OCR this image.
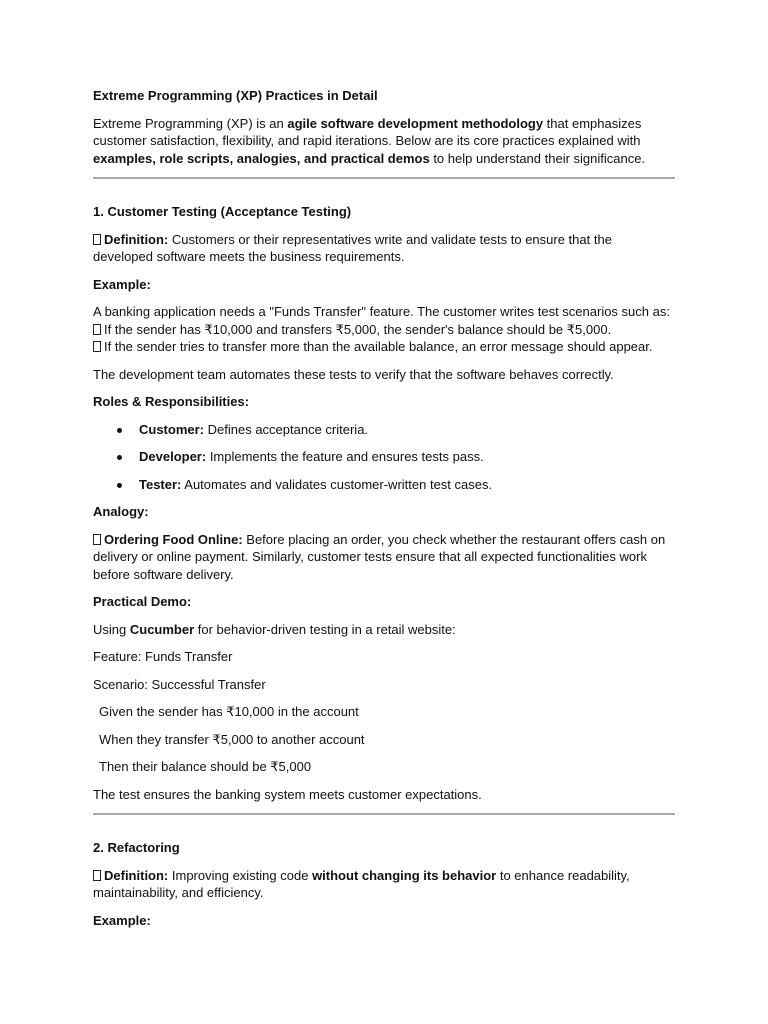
Extreme Programming (XP) Practices in Detail

Extreme Programming (XP) is an agile software development methodology that emphasizes customer satisfaction, flexibility, and rapid iterations. Below are its core practices explained with examples, role scripts, analogies, and practical demos to help understand their significance.

1. Customer Testing (Acceptance Testing)

Definition: Customers or their representatives write and validate tests to ensure that the developed software meets the business requirements.

Example:

A banking application needs a "Funds Transfer" feature. The customer writes test scenarios such as:
If the sender has ₹10,000 and transfers ₹5,000, the sender's balance should be ₹5,000.
If the sender tries to transfer more than the available balance, an error message should appear.

The development team automates these tests to verify that the software behaves correctly.

Roles & Responsibilities:

Customer: Defines acceptance criteria.
Developer: Implements the feature and ensures tests pass.
Tester: Automates and validates customer-written test cases.

Analogy:

Ordering Food Online: Before placing an order, you check whether the restaurant offers cash on delivery or online payment. Similarly, customer tests ensure that all expected functionalities work before software delivery.

Practical Demo:

Using Cucumber for behavior-driven testing in a retail website:

Feature: Funds Transfer

Scenario: Successful Transfer

Given the sender has ₹10,000 in the account

When they transfer ₹5,000 to another account

Then their balance should be ₹5,000

The test ensures the banking system meets customer expectations.

2. Refactoring

Definition: Improving existing code without changing its behavior to enhance readability, maintainability, and efficiency.

Example:
